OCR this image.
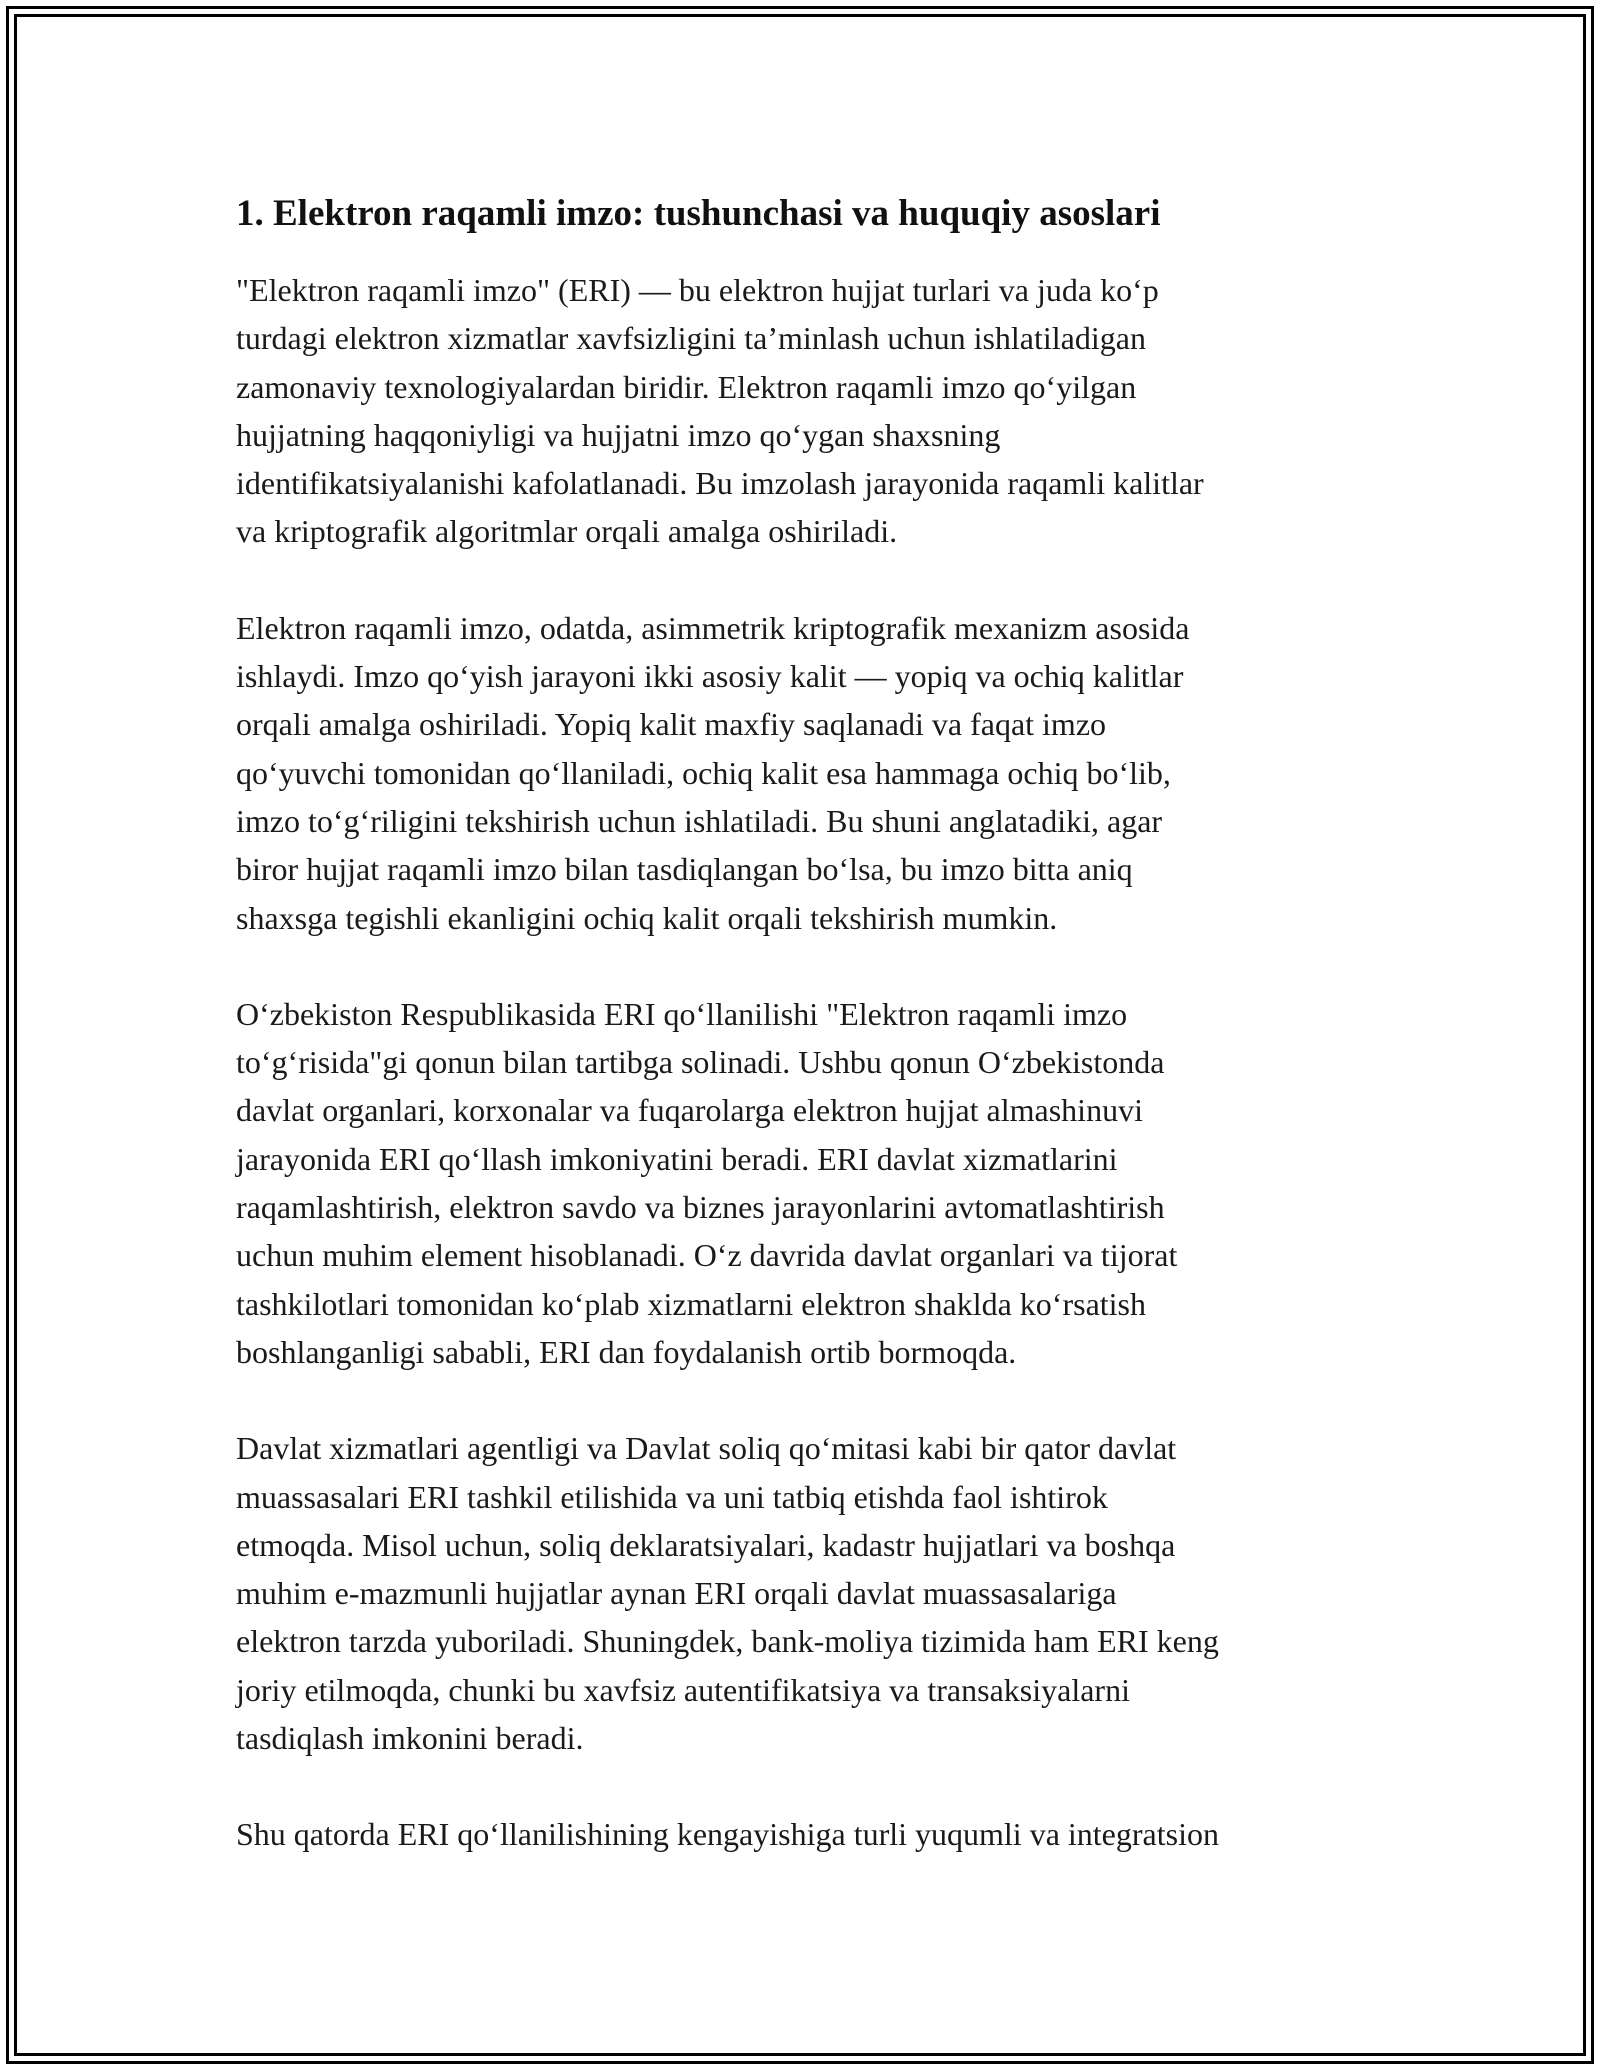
1. Elektron raqamli imzo: tushunchasi va huquqiy asoslari

"Elektron raqamli imzo" (ERI) — bu elektron hujjat turlari va juda koʻp
turdagi elektron xizmatlar xavfsizligini taʼminlash uchun ishlatiladigan
zamonaviy texnologiyalardan biridir. Elektron raqamli imzo qoʻyilgan
hujjatning haqqoniyligi va hujjatni imzo qoʻygan shaxsning
identifikatsiyalanishi kafolatlanadi. Bu imzolash jarayonida raqamli kalitlar
va kriptografik algoritmlar orqali amalga oshiriladi.

Elektron raqamli imzo, odatda, asimmetrik kriptografik mexanizm asosida
ishlaydi. Imzo qoʻyish jarayoni ikki asosiy kalit — yopiq va ochiq kalitlar
orqali amalga oshiriladi. Yopiq kalit maxfiy saqlanadi va faqat imzo
qoʻyuvchi tomonidan qoʻllaniladi, ochiq kalit esa hammaga ochiq boʻlib,
imzo toʻgʻriligini tekshirish uchun ishlatiladi. Bu shuni anglatadiki, agar
biror hujjat raqamli imzo bilan tasdiqlangan boʻlsa, bu imzo bitta aniq
shaxsga tegishli ekanligini ochiq kalit orqali tekshirish mumkin.

Oʻzbekiston Respublikasida ERI qoʻllanilishi "Elektron raqamli imzo
toʻgʻrisida"gi qonun bilan tartibga solinadi. Ushbu qonun Oʻzbekistonda
davlat organlari, korxonalar va fuqarolarga elektron hujjat almashinuvi
jarayonida ERI qoʻllash imkoniyatini beradi. ERI davlat xizmatlarini
raqamlashtirish, elektron savdo va biznes jarayonlarini avtomatlashtirish
uchun muhim element hisoblanadi. Oʻz davrida davlat organlari va tijorat
tashkilotlari tomonidan koʻplab xizmatlarni elektron shaklda koʻrsatish
boshlanganligi sababli, ERI dan foydalanish ortib bormoqda.

Davlat xizmatlari agentligi va Davlat soliq qoʻmitasi kabi bir qator davlat
muassasalari ERI tashkil etilishida va uni tatbiq etishda faol ishtirok
etmoqda. Misol uchun, soliq deklaratsiyalari, kadastr hujjatlari va boshqa
muhim e-mazmunli hujjatlar aynan ERI orqali davlat muassasalariga
elektron tarzda yuboriladi. Shuningdek, bank-moliya tizimida ham ERI keng
joriy etilmoqda, chunki bu xavfsiz autentifikatsiya va transaksiyalarni
tasdiqlash imkonini beradi.

Shu qatorda ERI qoʻllanilishining kengayishiga turli yuqumli va integratsion
